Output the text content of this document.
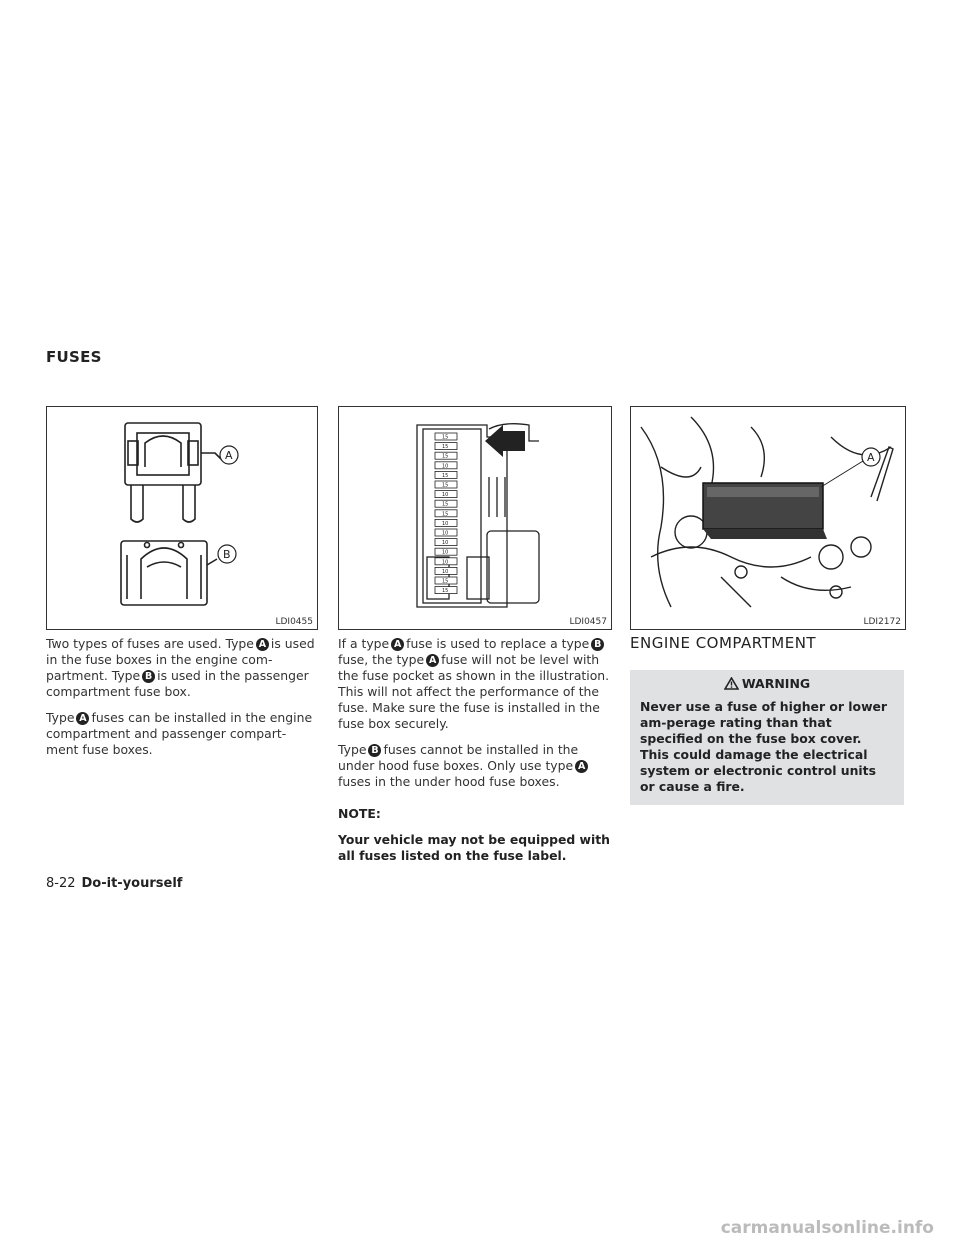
FUSES
A
B
LDI0455
15
15
15
10
15
15
10
15
15
10
10
10
10
10
10
15
15
LDI0457
A
LDI2172

Two types of fuses are used. Type A is used in the fuse boxes in the engine com-partment. Type B is used in the passenger compartment fuse box.

Type A fuses can be installed in the engine compartment and passenger compart-ment fuse boxes.

If a type A fuse is used to replace a type Bfuse, the type A fuse will not be level with the fuse pocket as shown in the illustration. This will not affect the performance of the fuse. Make sure the fuse is installed in the fuse box securely.

Type B fuses cannot be installed in the under hood fuse boxes. Only use type Afuses in the under hood fuse boxes.

NOTE:

Your vehicle may not be equipped with all fuses listed on the fuse label.

ENGINE COMPARTMENT
WARNING
Never use a fuse of higher or lower am-perage rating than that specified on the fuse box cover. This could damage the electrical system or electronic control units or cause a fire.
8-22 Do-it-yourself
carmanualsonline.info
